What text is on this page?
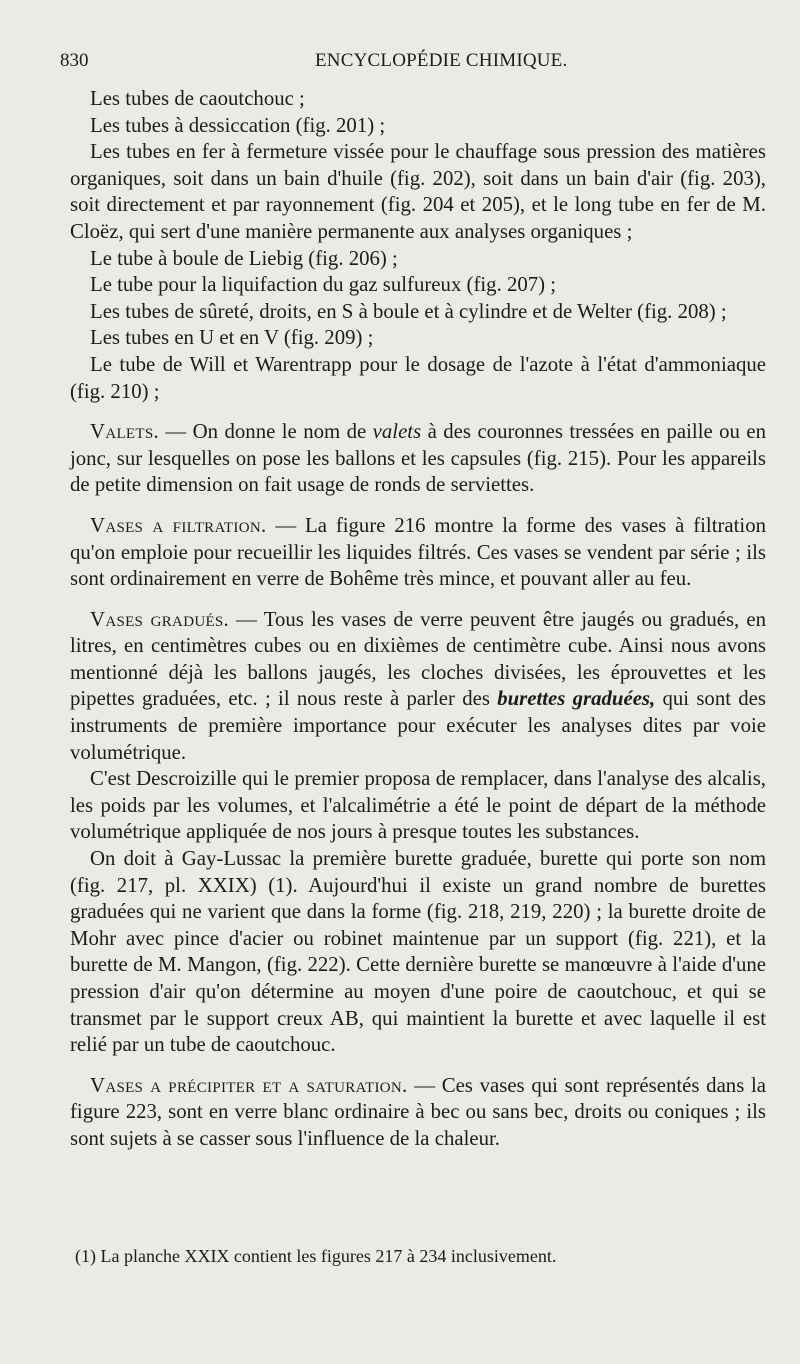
830	ENCYCLOPÉDIE CHIMIQUE.

Les tubes de caoutchouc ;

Les tubes à dessiccation (fig. 201) ;

Les tubes en fer à fermeture vissée pour le chauffage sous pression des matières organiques, soit dans un bain d'huile (fig. 202), soit dans un bain d'air (fig. 203), soit directement et par rayonnement (fig. 204 et 205), et le long tube en fer de M. Cloëz, qui sert d'une manière permanente aux analyses organiques ;

Le tube à boule de Liebig (fig. 206) ;

Le tube pour la liquifaction du gaz sulfureux (fig. 207) ;

Les tubes de sûreté, droits, en S à boule et à cylindre et de Welter (fig. 208) ;

Les tubes en U et en V (fig. 209) ;

Le tube de Will et Warentrapp pour le dosage de l'azote à l'état d'ammoniaque (fig. 210) ;

Valets. — On donne le nom de valets à des couronnes tressées en paille ou en jonc, sur lesquelles on pose les ballons et les capsules (fig. 215). Pour les appareils de petite dimension on fait usage de ronds de serviettes.

Vases a filtration. — La figure 216 montre la forme des vases à filtration qu'on emploie pour recueillir les liquides filtrés. Ces vases se vendent par série ; ils sont ordinairement en verre de Bohême très mince, et pouvant aller au feu.

Vases gradués. — Tous les vases de verre peuvent être jaugés ou gradués, en litres, en centimètres cubes ou en dixièmes de centimètre cube. Ainsi nous avons mentionné déjà les ballons jaugés, les cloches divisées, les éprouvettes et les pipettes graduées, etc. ; il nous reste à parler des burettes graduées, qui sont des instruments de première importance pour exécuter les analyses dites par voie volumétrique.

C'est Descroizille qui le premier proposa de remplacer, dans l'analyse des alcalis, les poids par les volumes, et l'alcalimétrie a été le point de départ de la méthode volumétrique appliquée de nos jours à presque toutes les substances.

On doit à Gay-Lussac la première burette graduée, burette qui porte son nom (fig. 217, pl. XXIX) (1). Aujourd'hui il existe un grand nombre de burettes graduées qui ne varient que dans la forme (fig. 218, 219, 220) ; la burette droite de Mohr avec pince d'acier ou robinet maintenue par un support (fig. 221), et la burette de M. Mangon, (fig. 222). Cette dernière burette se manœuvre à l'aide d'une pression d'air qu'on détermine au moyen d'une poire de caoutchouc, et qui se transmet par le support creux AB, qui maintient la burette et avec laquelle il est relié par un tube de caoutchouc.

Vases a précipiter et a saturation. — Ces vases qui sont représentés dans la figure 223, sont en verre blanc ordinaire à bec ou sans bec, droits ou coniques ; ils sont sujets à se casser sous l'influence de la chaleur.

(1) La planche XXIX contient les figures 217 à 234 inclusivement.
